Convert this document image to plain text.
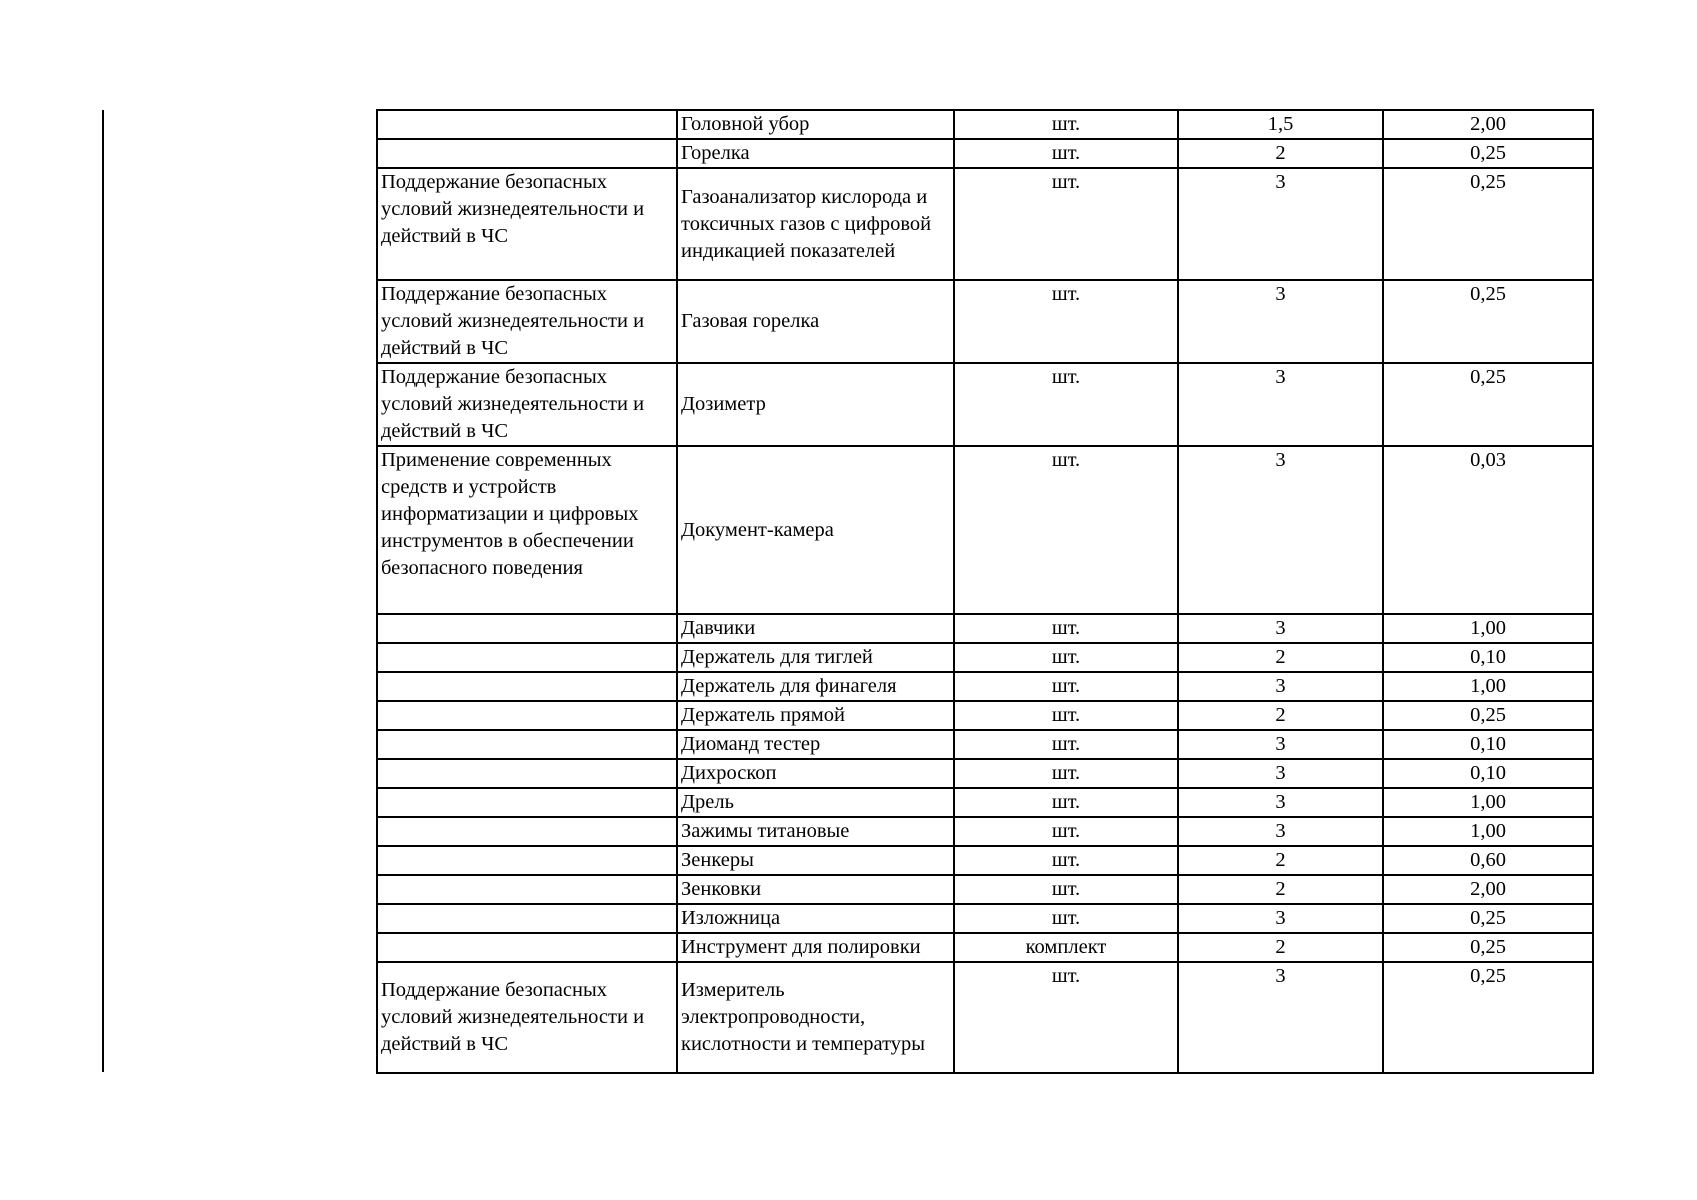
	Головной убор	шт.	1,5	2,00
	Горелка	шт.	2	0,25
Поддержание безопасных условий жизнедеятельности и действий в ЧС	Газоанализатор кислорода и токсичных газов с цифровой индикацией показателей	шт.	3	0,25
Поддержание безопасных условий жизнедеятельности и действий в ЧС	Газовая горелка	шт.	3	0,25
Поддержание безопасных условий жизнедеятельности и действий в ЧС	Дозиметр	шт.	3	0,25
Применение современных средств и устройств информатизации и цифровых инструментов в обеспечении безопасного поведения	Документ-камера	шт.	3	0,03
	Давчики	шт.	3	1,00
	Держатель для тиглей	шт.	2	0,10
	Держатель для финагеля	шт.	3	1,00
	Держатель прямой	шт.	2	0,25
	Диоманд тестер	шт.	3	0,10
	Дихроскоп	шт.	3	0,10
	Дрель	шт.	3	1,00
	Зажимы титановые	шт.	3	1,00
	Зенкеры	шт.	2	0,60
	Зенковки	шт.	2	2,00
	Изложница	шт.	3	0,25
	Инструмент для полировки	комплект	2	0,25
Поддержание безопасных условий жизнедеятельности и действий в ЧС	Измеритель электропроводности, кислотности и температуры	шт.	3	0,25
